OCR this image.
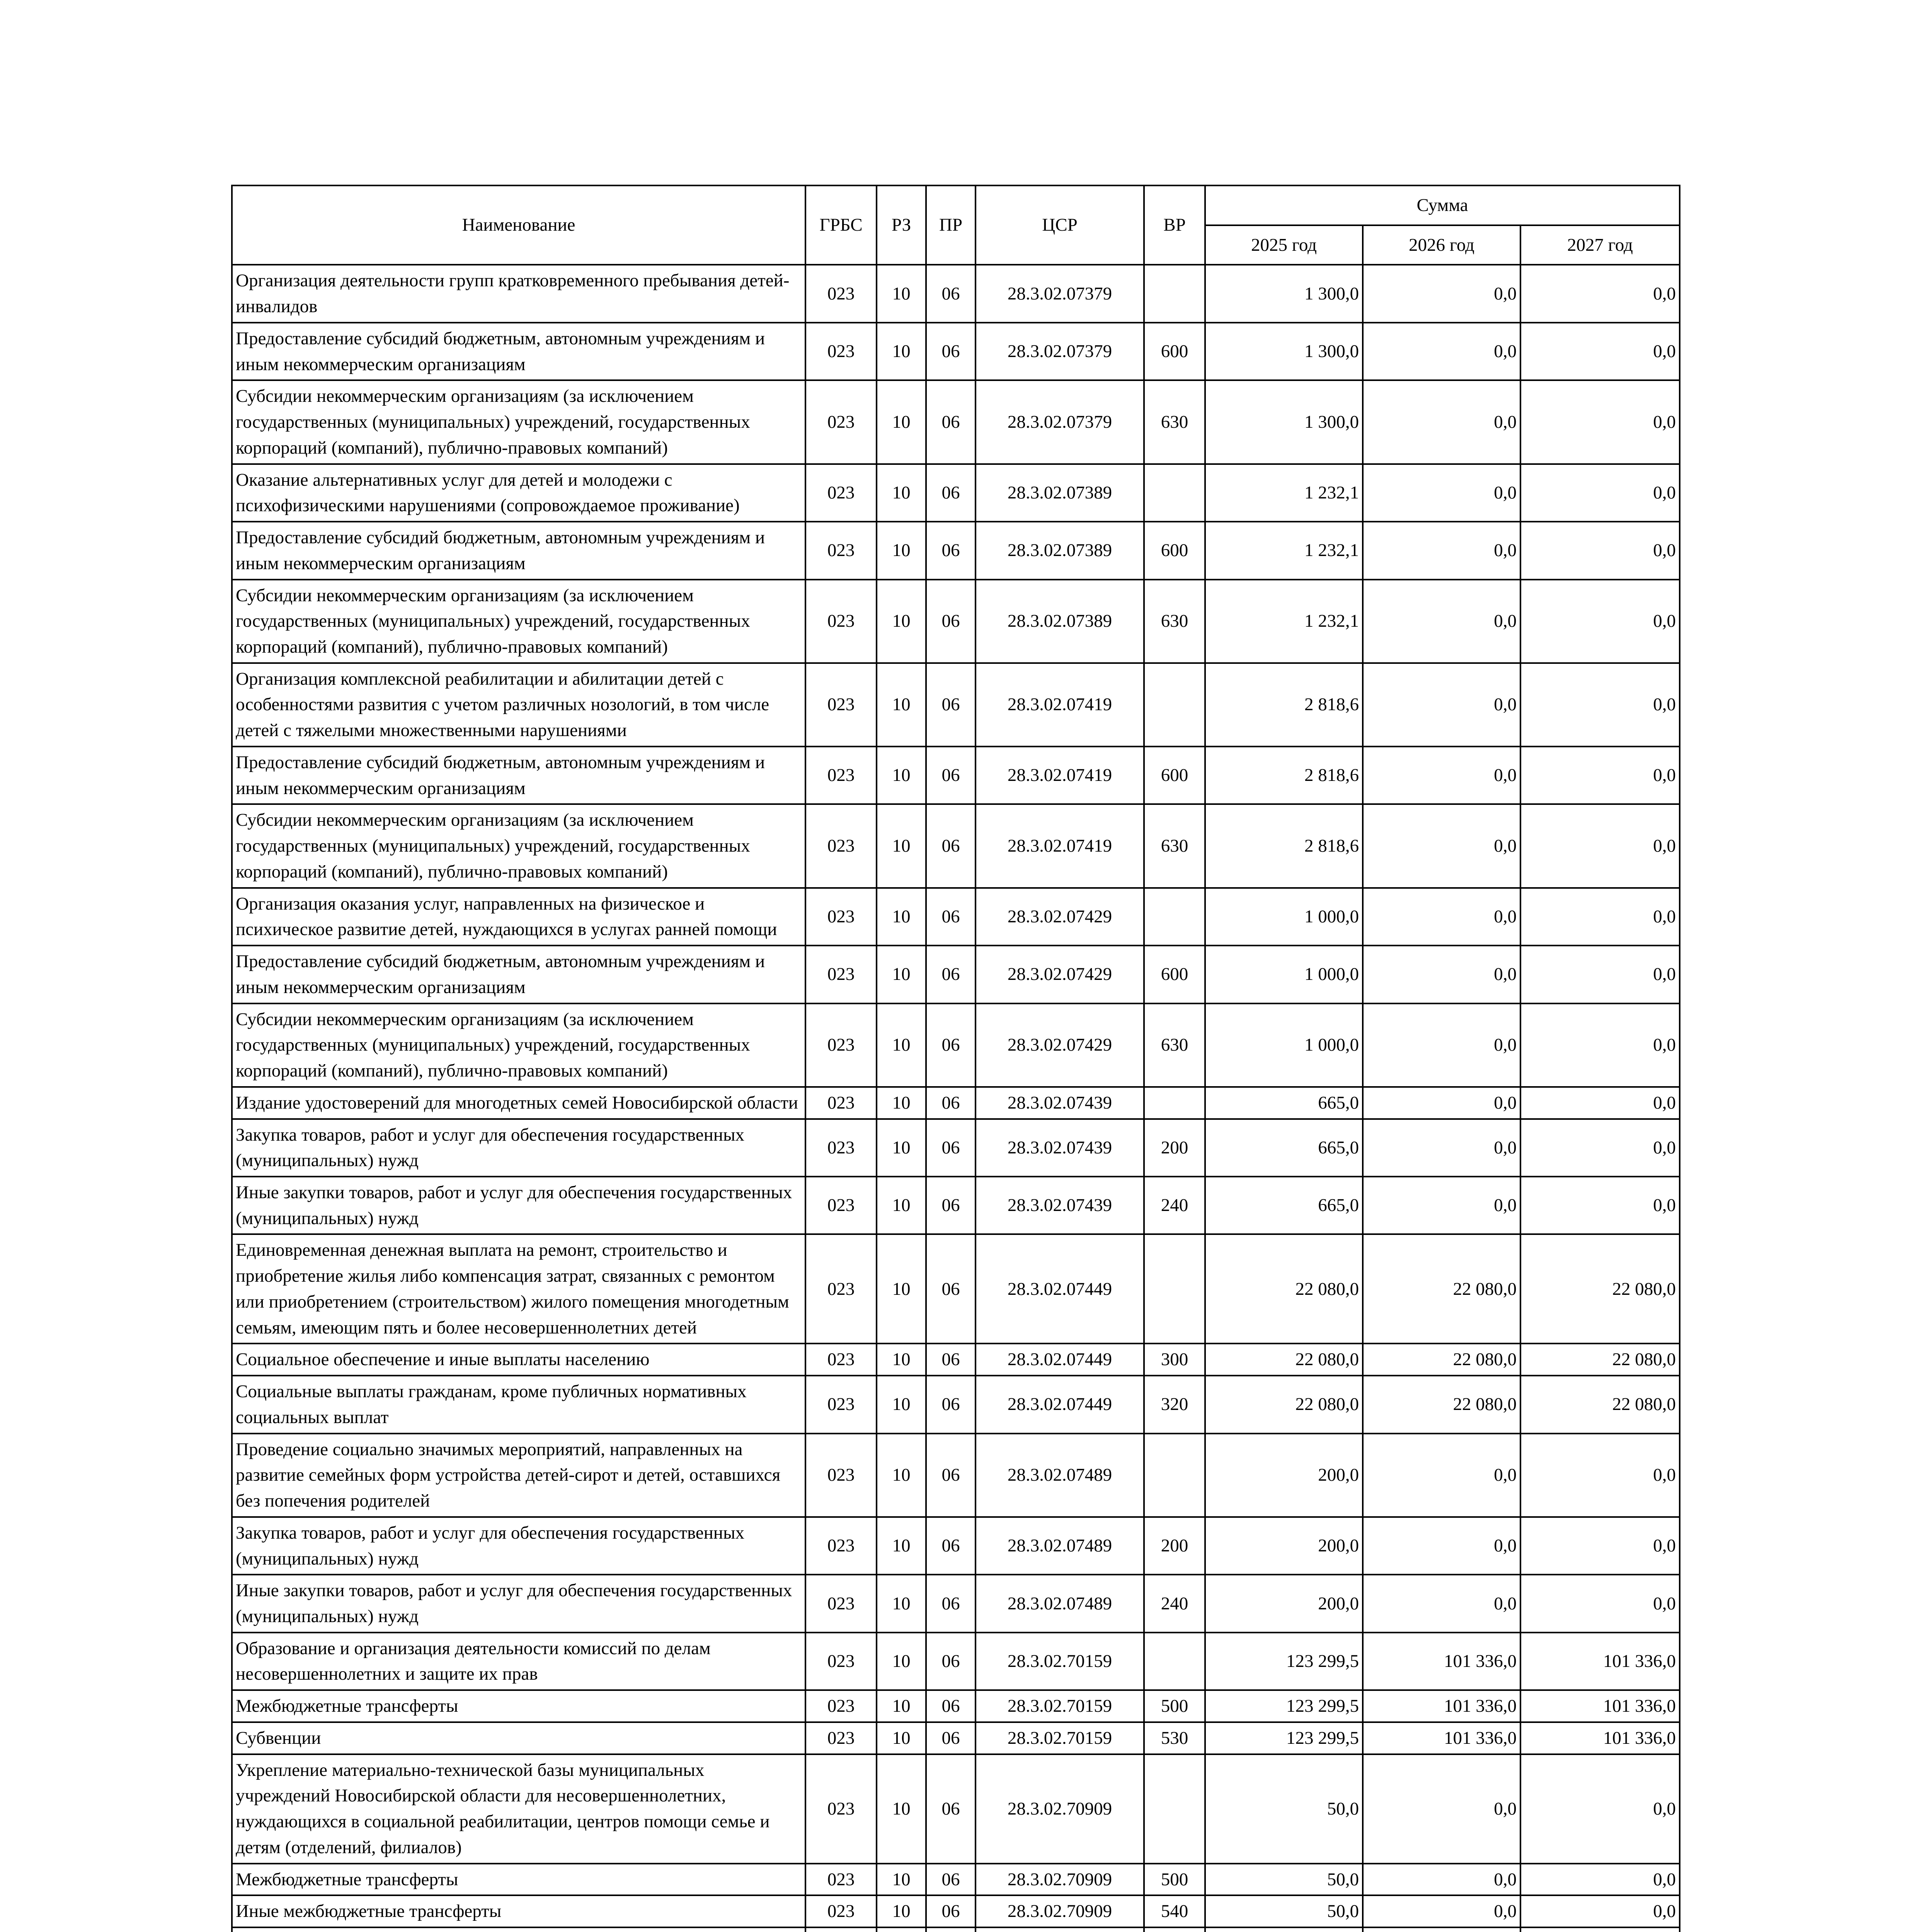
Наименование	ГРБС	РЗ	ПР	ЦСР	ВР	Сумма		
						2025 год	2026 год	2027 год
Организация деятельности групп кратковременного пребывания детей-инвалидов	023	10	06	28.3.02.07379		1 300,0	0,0	0,0
Предоставление субсидий бюджетным, автономным учреждениям и иным некоммерческим организациям	023	10	06	28.3.02.07379	600	1 300,0	0,0	0,0
Субсидии некоммерческим организациям (за исключением государственных (муниципальных) учреждений, государственных корпораций (компаний), публично-правовых компаний)	023	10	06	28.3.02.07379	630	1 300,0	0,0	0,0
Оказание альтернативных услуг для детей и молодежи с психофизическими нарушениями (сопровождаемое проживание)	023	10	06	28.3.02.07389		1 232,1	0,0	0,0
Предоставление субсидий бюджетным, автономным учреждениям и иным некоммерческим организациям	023	10	06	28.3.02.07389	600	1 232,1	0,0	0,0
Субсидии некоммерческим организациям (за исключением государственных (муниципальных) учреждений, государственных корпораций (компаний), публично-правовых компаний)	023	10	06	28.3.02.07389	630	1 232,1	0,0	0,0
Организация комплексной реабилитации и абилитации детей с особенностями развития с учетом различных нозологий, в том числе детей с тяжелыми множественными нарушениями	023	10	06	28.3.02.07419		2 818,6	0,0	0,0
Предоставление субсидий бюджетным, автономным учреждениям и иным некоммерческим организациям	023	10	06	28.3.02.07419	600	2 818,6	0,0	0,0
Субсидии некоммерческим организациям (за исключением государственных (муниципальных) учреждений, государственных корпораций (компаний), публично-правовых компаний)	023	10	06	28.3.02.07419	630	2 818,6	0,0	0,0
Организация оказания услуг, направленных на физическое и психическое развитие детей, нуждающихся в услугах ранней помощи	023	10	06	28.3.02.07429		1 000,0	0,0	0,0
Предоставление субсидий бюджетным, автономным учреждениям и иным некоммерческим организациям	023	10	06	28.3.02.07429	600	1 000,0	0,0	0,0
Субсидии некоммерческим организациям (за исключением государственных (муниципальных) учреждений, государственных корпораций (компаний), публично-правовых компаний)	023	10	06	28.3.02.07429	630	1 000,0	0,0	0,0
Издание удостоверений для многодетных семей Новосибирской области	023	10	06	28.3.02.07439		665,0	0,0	0,0
Закупка товаров, работ и услуг для обеспечения государственных (муниципальных) нужд	023	10	06	28.3.02.07439	200	665,0	0,0	0,0
Иные закупки товаров, работ и услуг для обеспечения государственных (муниципальных) нужд	023	10	06	28.3.02.07439	240	665,0	0,0	0,0
Единовременная денежная выплата на ремонт, строительство и приобретение жилья либо компенсация затрат, связанных с ремонтом или приобретением (строительством) жилого помещения многодетным семьям, имеющим пять и более несовершеннолетних детей	023	10	06	28.3.02.07449		22 080,0	22 080,0	22 080,0
Социальное обеспечение и иные выплаты населению	023	10	06	28.3.02.07449	300	22 080,0	22 080,0	22 080,0
Социальные выплаты гражданам, кроме публичных нормативных социальных выплат	023	10	06	28.3.02.07449	320	22 080,0	22 080,0	22 080,0
Проведение социально значимых мероприятий, направленных на развитие семейных форм устройства детей-сирот и детей, оставшихся без попечения родителей	023	10	06	28.3.02.07489		200,0	0,0	0,0
Закупка товаров, работ и услуг для обеспечения государственных (муниципальных) нужд	023	10	06	28.3.02.07489	200	200,0	0,0	0,0
Иные закупки товаров, работ и услуг для обеспечения государственных (муниципальных) нужд	023	10	06	28.3.02.07489	240	200,0	0,0	0,0
Образование и организация деятельности комиссий по делам несовершеннолетних и защите их прав	023	10	06	28.3.02.70159		123 299,5	101 336,0	101 336,0
Межбюджетные трансферты	023	10	06	28.3.02.70159	500	123 299,5	101 336,0	101 336,0
Субвенции	023	10	06	28.3.02.70159	530	123 299,5	101 336,0	101 336,0
Укрепление материально-технической базы муниципальных учреждений Новосибирской области для несовершеннолетних, нуждающихся в социальной реабилитации, центров помощи семье и детям (отделений, филиалов)	023	10	06	28.3.02.70909		50,0	0,0	0,0
Межбюджетные трансферты	023	10	06	28.3.02.70909	500	50,0	0,0	0,0
Иные межбюджетные трансферты	023	10	06	28.3.02.70909	540	50,0	0,0	0,0
